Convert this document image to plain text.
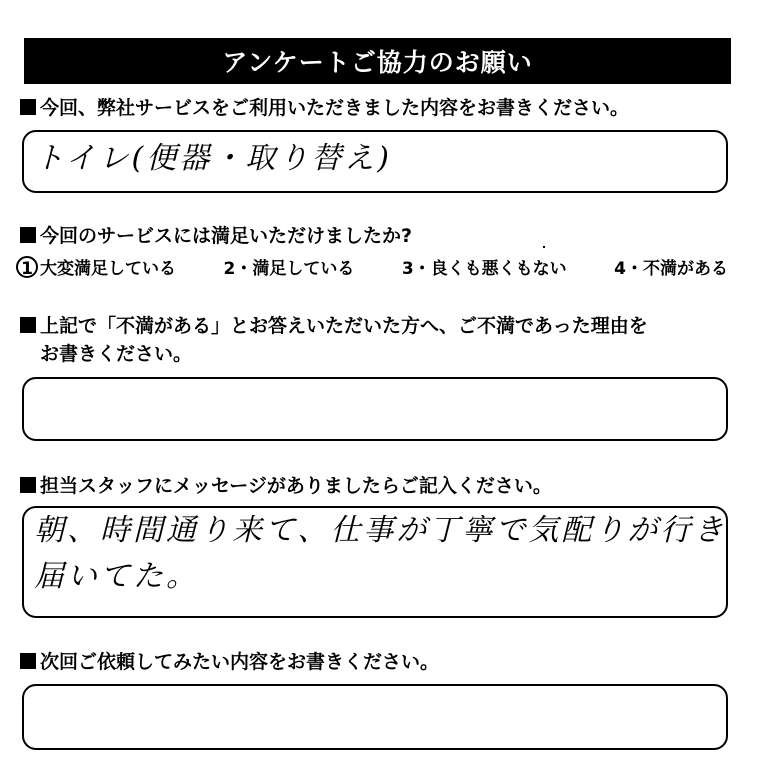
アンケートご協力のお願い
今回、弊社サービスをご利用いただきました内容をお書きください。
トイレ(便器・取り替え)
今回のサービスには満足いただけましたか?
1 大変満足している	2・満足している	3・良くも悪くもない	4・不満がある
上記で「不満がある」とお答えいただいた方へ、ご不満であった理由を
お書きください。
担当スタッフにメッセージがありましたらご記入ください。
朝、時間通り来て、仕事が丁寧で気配りが行き
届いてた。
次回ご依頼してみたい内容をお書きください。
